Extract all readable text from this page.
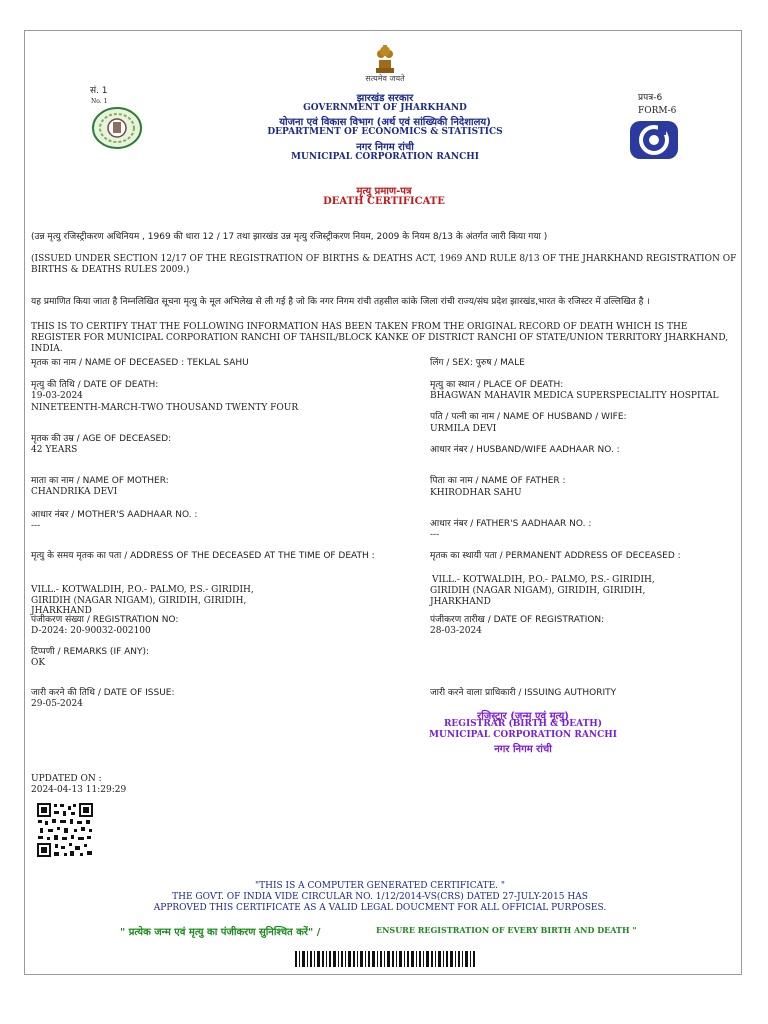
सत्यमेव जयते
सं. 1
No. 1	झारखंड सरकार
GOVERNMENT OF JHARKHAND
योजना एवं विकास विभाग (अर्थ एवं सांख्यिकी निदेशालय)
DEPARTMENT OF ECONOMICS & STATISTICS
नगर निगम रांची
MUNICIPAL CORPORATION RANCHI
प्रपत्र-6
FORM-6
मृत्यु प्रमाण-पत्र
DEATH CERTIFICATE
(उन्न मृत्यु रजिस्ट्रीकरण अधिनियम , 1969 की धारा 12 / 17 तथा झारखंड उन्न मृत्यु रजिस्ट्रीकरण नियम, 2009 के नियम 8/13 के अंतर्गत जारी किया गया )
(ISSUED UNDER SECTION 12/17 OF THE REGISTRATION OF BIRTHS & DEATHS ACT, 1969 AND RULE 8/13 OF THE JHARKHAND REGISTRATION OF BIRTHS & DEATHS RULES 2009.)
यह प्रमाणित किया जाता है निम्नलिखित सूचना मृत्यु के मूल अभिलेख से ली गई है जो कि नगर निगम रांची तहसील कांके जिला रांची राज्य/संघ प्रदेश झारखंड,भारत के रजिस्टर में उल्लिखित है ।
THIS IS TO CERTIFY THAT THE FOLLOWING INFORMATION HAS BEEN TAKEN FROM THE ORIGINAL RECORD OF DEATH WHICH IS THE REGISTER FOR MUNICIPAL CORPORATION RANCHI OF TAHSIL/BLOCK KANKE OF DISTRICT RANCHI OF STATE/UNION TERRITORY JHARKHAND, INDIA.
मृतक का नाम / NAME OF DECEASED : TEKLAL SAHU
मृत्यु की तिथि / DATE OF DEATH:
19-03-2024
NINETEENTH-MARCH-TWO THOUSAND TWENTY FOUR
मृतक की उम्र / AGE OF DECEASED:
42 YEARS
माता का नाम / NAME OF MOTHER:
CHANDRIKA DEVI
आधार नंबर / MOTHER'S AADHAAR NO. :
---
मृत्यु के समय मृतक का पता / ADDRESS OF THE DECEASED AT THE TIME OF DEATH :
VILL.- KOTWALDIH, P.O.- PALMO, P.S.- GIRIDIH,
GIRIDIH (NAGAR NIGAM), GIRIDIH, GIRIDIH,
JHARKHAND
पंजीकरण संख्या / REGISTRATION NO:
D-2024: 20-90032-002100
टिप्पणी / REMARKS (IF ANY):
OK
जारी करने की तिथि / DATE OF ISSUE:
29-05-2024
लिंग / SEX: पुरुष / MALE
मृत्यु का स्थान / PLACE OF DEATH:
BHAGWAN MAHAVIR MEDICA SUPERSPECIALITY HOSPITAL
पति / पत्नी का नाम / NAME OF HUSBAND / WIFE:
URMILA DEVI
आधार नंबर / HUSBAND/WIFE AADHAAR NO. :
पिता का नाम / NAME OF FATHER :
KHIRODHAR SAHU
आधार नंबर / FATHER'S AADHAAR NO. :
---
मृतक का स्थायी पता / PERMANENT ADDRESS OF DECEASED :
VILL.- KOTWALDIH, P.O.- PALMO, P.S.- GIRIDIH,
GIRIDIH (NAGAR NIGAM), GIRIDIH, GIRIDIH,
JHARKHAND
पंजीकरण तारीख / DATE OF REGISTRATION:
28-03-2024
जारी करने वाला प्राधिकारी / ISSUING AUTHORITY
रजिस्ट्रार (जन्म एवं मृत्यु)
REGISTRAR (BIRTH & DEATH)
MUNICIPAL CORPORATION RANCHI
नगर निगम रांची
UPDATED ON :
2024-04-13 11:29:29
"THIS IS A COMPUTER GENERATED CERTIFICATE. "
THE GOVT. OF INDIA VIDE CIRCULAR NO. 1/12/2014-VS(CRS) DATED 27-JULY-2015 HAS
APPROVED THIS CERTIFICATE AS A VALID LEGAL DOUCMENT FOR ALL OFFICIAL PURPOSES.
" प्रत्येक जन्म एवं मृत्यु का पंजीकरण सुनिश्चित करें" /	ENSURE REGISTRATION OF EVERY BIRTH AND DEATH "
